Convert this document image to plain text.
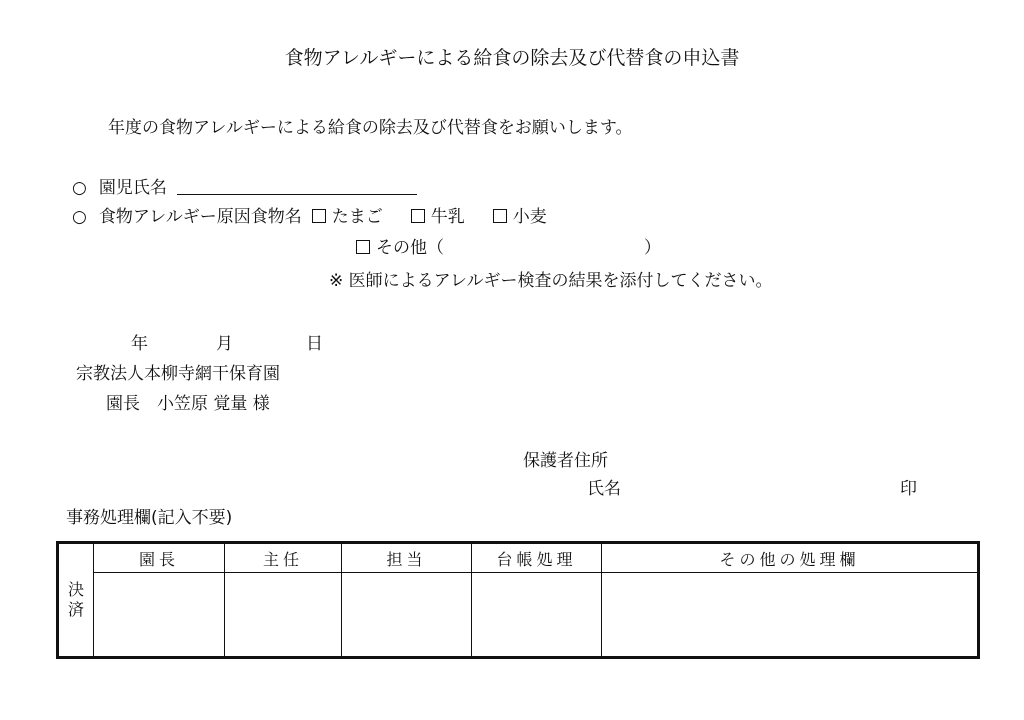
食物アレルギーによる給食の除去及び代替食の申込書
年度の食物アレルギーによる給食の除去及び代替食をお願いします。
○ 園児氏名
○ 食物アレルギー原因食物名 たまご	牛乳	小麦
その他（	）
※ 医師によるアレルギー検査の結果を添付してください。
年	月	日
宗教法人本柳寺網干保育園
園長　小笠原 覚量 様
保護者住所
氏名	印
事務処理欄(記入不要)
決済	園長	主任	担当	台帳処理	その他の処理欄
